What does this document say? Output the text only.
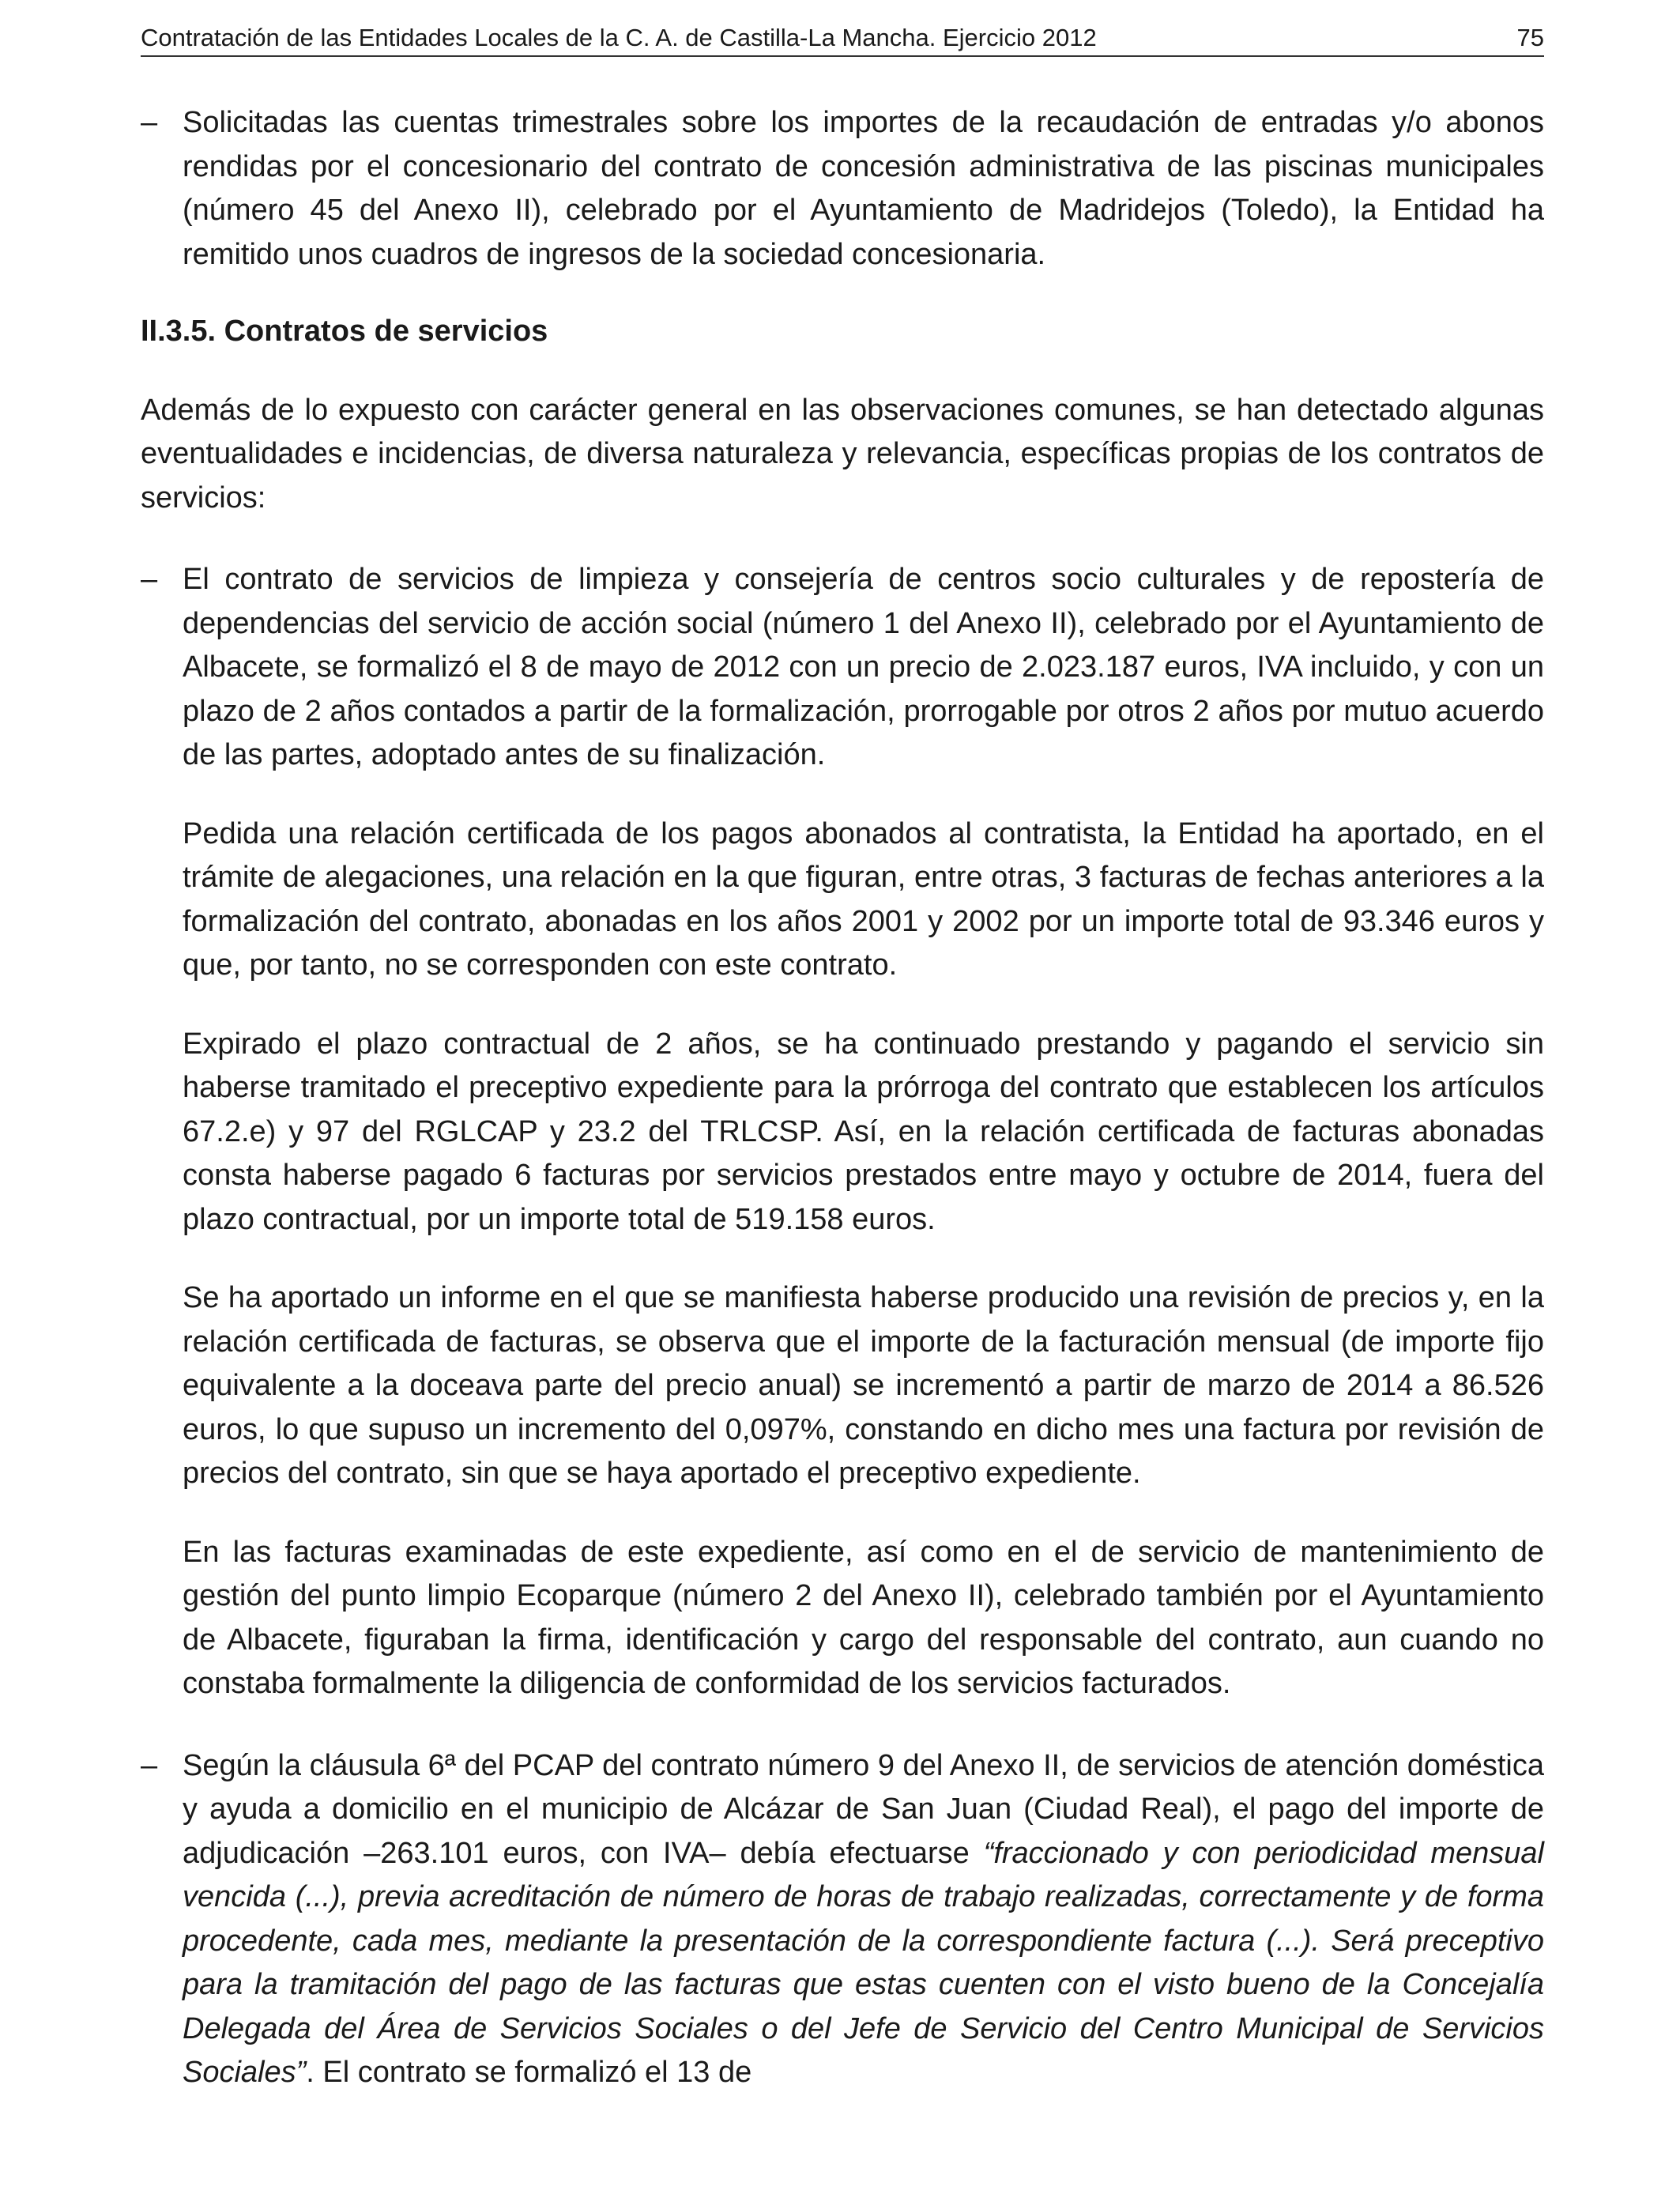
Contratación de las Entidades Locales de la C. A. de Castilla-La Mancha. Ejercicio 2012	75

– Solicitadas las cuentas trimestrales sobre los importes de la recaudación de entradas y/o abonos rendidas por el concesionario del contrato de concesión administrativa de las piscinas municipales (número 45 del Anexo II), celebrado por el Ayuntamiento de Madridejos (Toledo), la Entidad ha remitido unos cuadros de ingresos de la sociedad concesionaria.

II.3.5. Contratos de servicios

Además de lo expuesto con carácter general en las observaciones comunes, se han detectado algunas eventualidades e incidencias, de diversa naturaleza y relevancia, específicas propias de los contratos de servicios:

– El contrato de servicios de limpieza y consejería de centros socio culturales y de repostería de dependencias del servicio de acción social (número 1 del Anexo II), celebrado por el Ayuntamiento de Albacete, se formalizó el 8 de mayo de 2012 con un precio de 2.023.187 euros, IVA incluido, y con un plazo de 2 años contados a partir de la formalización, prorrogable por otros 2 años por mutuo acuerdo de las partes, adoptado antes de su finalización.

Pedida una relación certificada de los pagos abonados al contratista, la Entidad ha aportado, en el trámite de alegaciones, una relación en la que figuran, entre otras, 3 facturas de fechas anteriores a la formalización del contrato, abonadas en los años 2001 y 2002 por un importe total de 93.346 euros y que, por tanto, no se corresponden con este contrato.

Expirado el plazo contractual de 2 años, se ha continuado prestando y pagando el servicio sin haberse tramitado el preceptivo expediente para la prórroga del contrato que establecen los artículos 67.2.e) y 97 del RGLCAP y 23.2 del TRLCSP. Así, en la relación certificada de facturas abonadas consta haberse pagado 6 facturas por servicios prestados entre mayo y octubre de 2014, fuera del plazo contractual, por un importe total de 519.158 euros.

Se ha aportado un informe en el que se manifiesta haberse producido una revisión de precios y, en la relación certificada de facturas, se observa que el importe de la facturación mensual (de importe fijo equivalente a la doceava parte del precio anual) se incrementó a partir de marzo de 2014 a 86.526 euros, lo que supuso un incremento del 0,097%, constando en dicho mes una factura por revisión de precios del contrato, sin que se haya aportado el preceptivo expediente.

En las facturas examinadas de este expediente, así como en el de servicio de mantenimiento de gestión del punto limpio Ecoparque (número 2 del Anexo II), celebrado también por el Ayuntamiento de Albacete, figuraban la firma, identificación y cargo del responsable del contrato, aun cuando no constaba formalmente la diligencia de conformidad de los servicios facturados.

– Según la cláusula 6ª del PCAP del contrato número 9 del Anexo II, de servicios de atención doméstica y ayuda a domicilio en el municipio de Alcázar de San Juan (Ciudad Real), el pago del importe de adjudicación –263.101 euros, con IVA– debía efectuarse “fraccionado y con periodicidad mensual vencida (...), previa acreditación de número de horas de trabajo realizadas, correctamente y de forma procedente, cada mes, mediante la presentación de la correspondiente factura (...). Será preceptivo para la tramitación del pago de las facturas que estas cuenten con el visto bueno de la Concejalía Delegada del Área de Servicios Sociales o del Jefe de Servicio del Centro Municipal de Servicios Sociales”. El contrato se formalizó el 13 de
